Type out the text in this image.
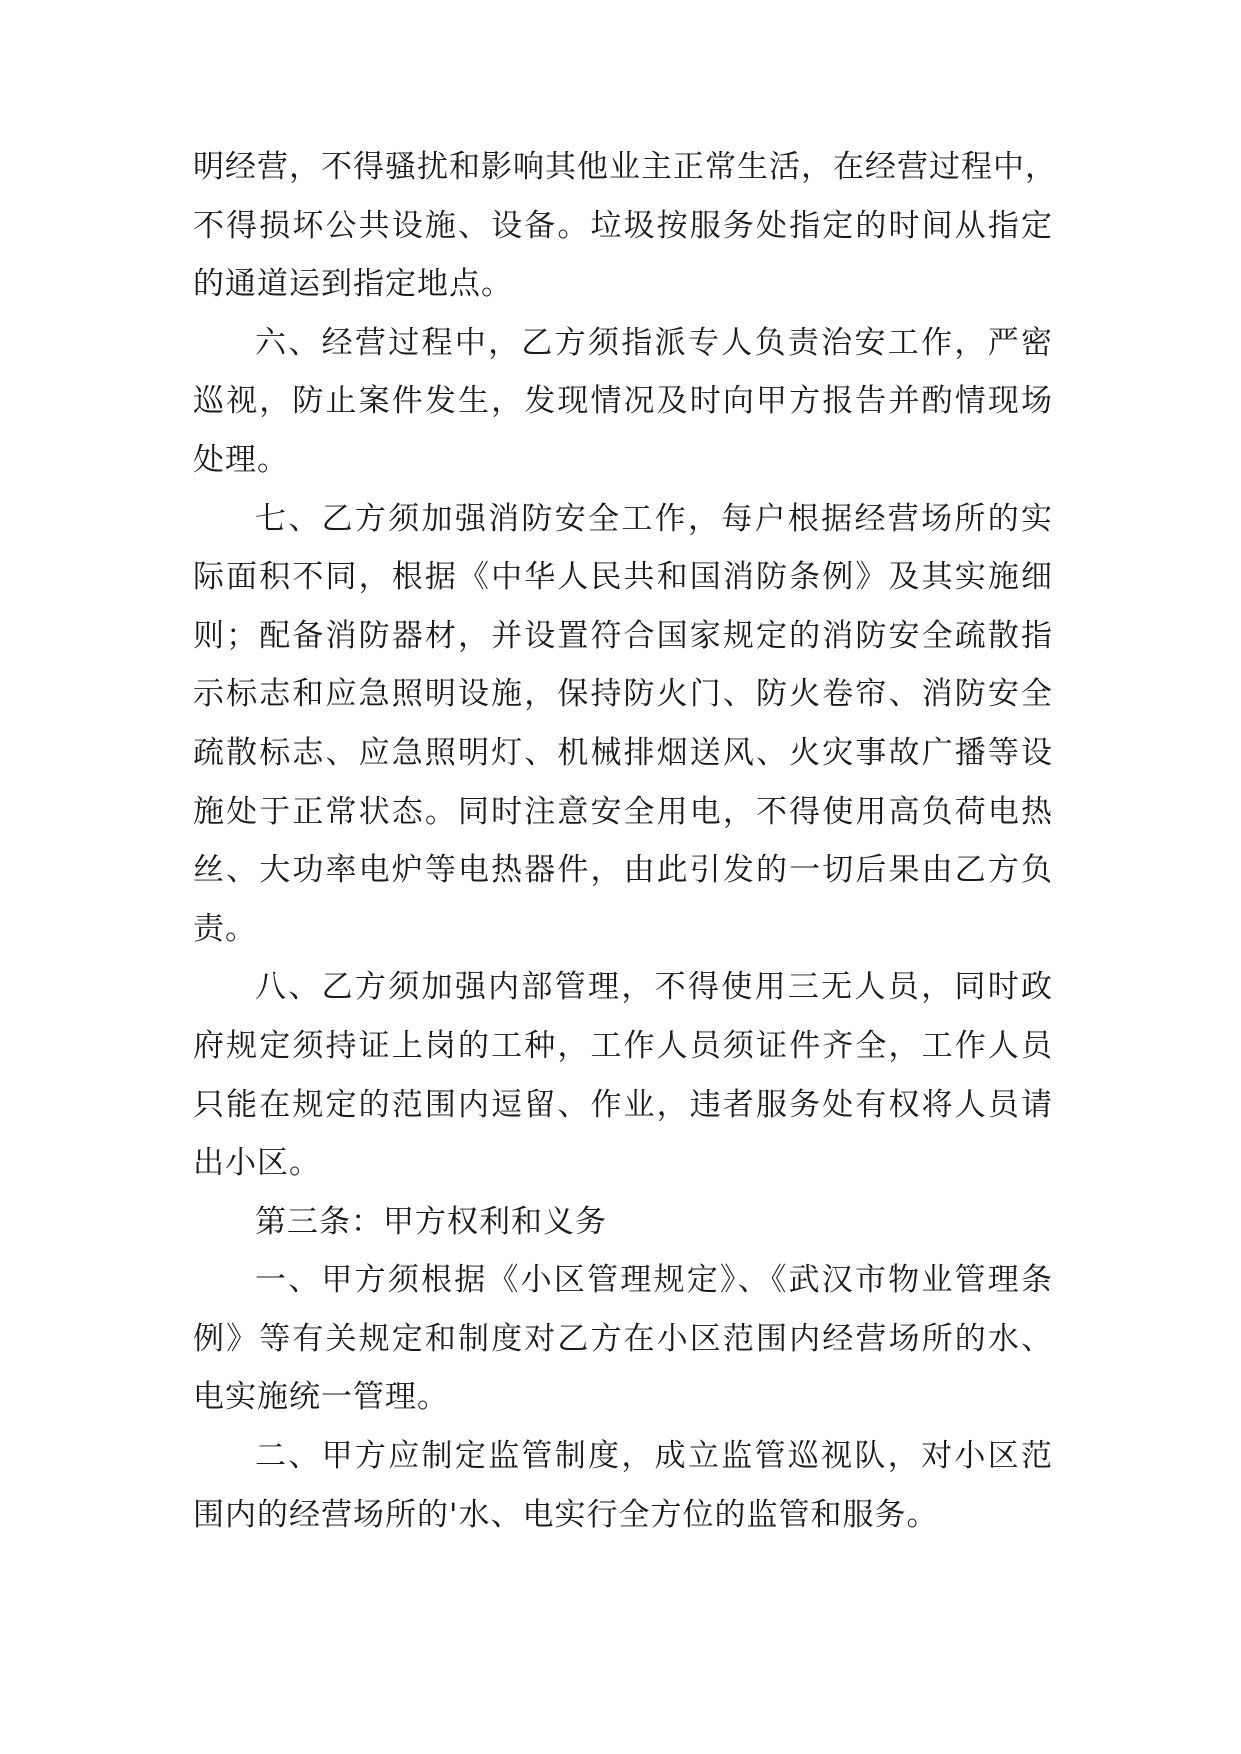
明经营，不得骚扰和影响其他业主正常生活，在经营过程中，
不得损坏公共设施、设备。垃圾按服务处指定的时间从指定
的通道运到指定地点。
六、经营过程中，乙方须指派专人负责治安工作，严密
巡视，防止案件发生，发现情况及时向甲方报告并酌情现场
处理。
七、乙方须加强消防安全工作，每户根据经营场所的实
际面积不同，根据《中华人民共和国消防条例》及其实施细
则；配备消防器材，并设置符合国家规定的消防安全疏散指
示标志和应急照明设施，保持防火门、防火卷帘、消防安全
疏散标志、应急照明灯、机械排烟送风、火灾事故广播等设
施处于正常状态。同时注意安全用电，不得使用高负荷电热
丝、大功率电炉等电热器件，由此引发的一切后果由乙方负
责。
八、乙方须加强内部管理，不得使用三无人员，同时政
府规定须持证上岗的工种，工作人员须证件齐全，工作人员
只能在规定的范围内逗留、作业，违者服务处有权将人员请
出小区。
第三条：甲方权利和义务
一、甲方须根据《小区管理规定》、《武汉市物业管理条
例》等有关规定和制度对乙方在小区范围内经营场所的水、
电实施统一管理。
二、甲方应制定监管制度，成立监管巡视队，对小区范
围内的经营场所的'水、电实行全方位的监管和服务。
